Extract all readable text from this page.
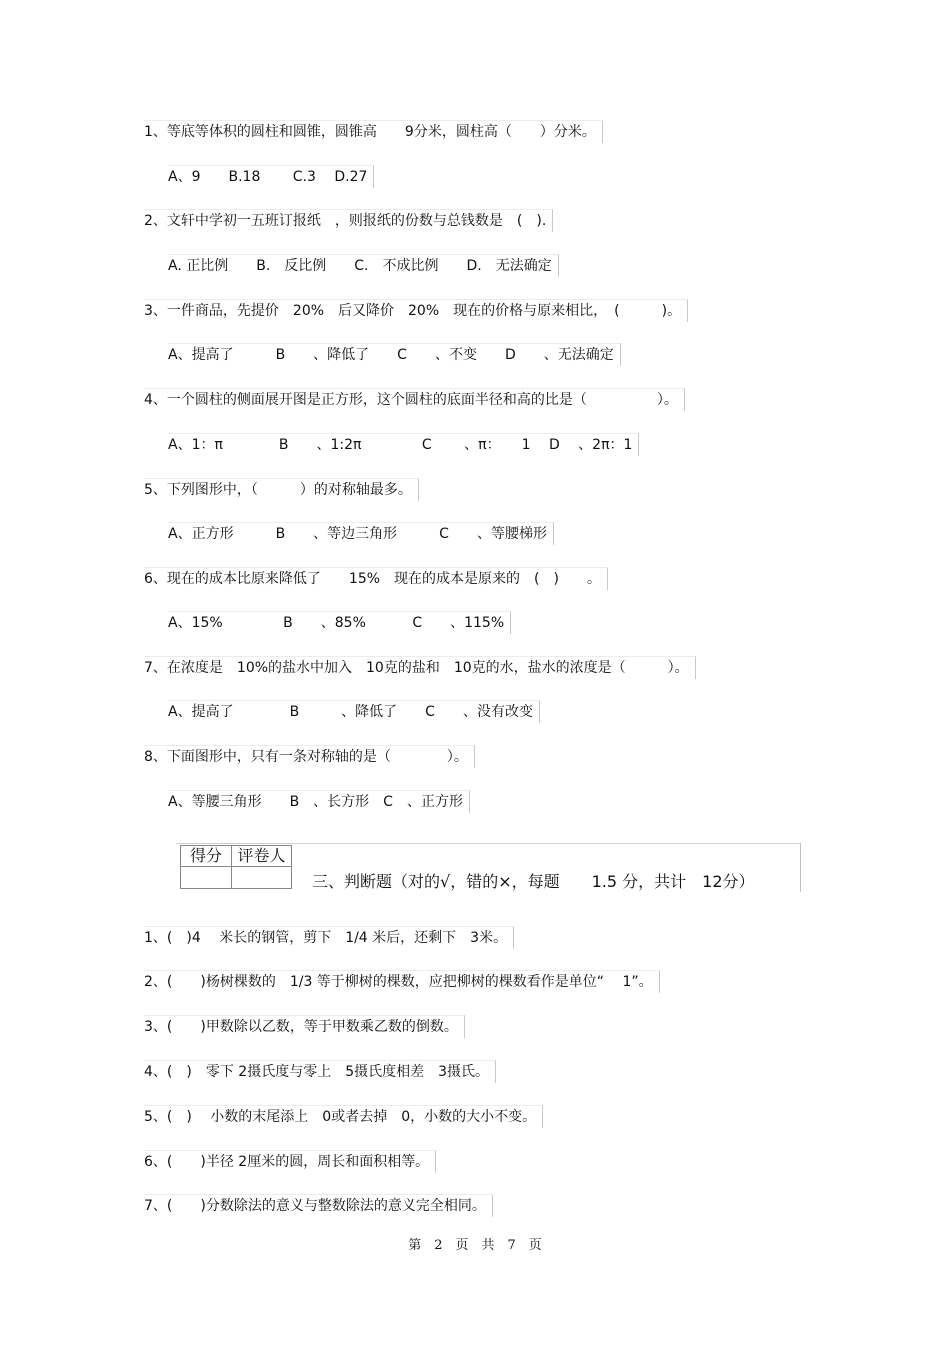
1、等底等体积的圆柱和圆锥，圆锥高　　9分米，圆柱高（　　）分米。
A、9　　B.18　　 C.3　 D.27
2、文轩中学初一五班订报纸　，则报纸的份数与总钱数是　(　).
A. 正比例　　B.　反比例　　C.　不成比例　　D.　无法确定
3、一件商品，先提价　20%　后又降价　20%　现在的价格与原来相比，　(　　　)。
A、提高了　　　B　　、降低了　　C　　、不变　　D　　、无法确定
4、一个圆柱的侧面展开图是正方形，这个圆柱的底面半径和高的比是（　　　　　）。
A、1：π　　　　B　　、1:2π　　　　 C　　 、π：　　1　 D　 、2π：1
5、下列图形中，（　　　）的对称轴最多。
A、正方形　　　B　　、等边三角形　　　C　　、等腰梯形
6、现在的成本比原来降低了　　15%　现在的成本是原来的　(　)　　。
A、15%　　　　 B　　、85%　　　 C　　、115%
7、在浓度是　10%的盐水中加入　10克的盐和　10克的水，盐水的浓度是（　　　）。
A、提高了　　　　B　　　、降低了　　C　　、没有改变
8、下面图形中，只有一条对称轴的是（　　　　）。
A、等腰三角形　　B　、长方形　C　、正方形
得分 评卷人
三、判断题（对的√，错的×，每题　　1.5 分，共计　12分）
1、(　)4　 米长的钢管，剪下　1/4 米后，还剩下　3米。
2、(　　)杨树棵数的　1/3 等于柳树的棵数，应把柳树的棵数看作是单位“　 1”。
3、(　　)甲数除以乙数，等于甲数乘乙数的倒数。
4、(　)　零下 2摄氏度与零上　5摄氏度相差　3摄氏。
5、(　)　 小数的末尾添上　0或者去掉　0，小数的大小不变。
6、(　　)半径 2厘米的圆，周长和面积相等。
7、(　　)分数除法的意义与整数除法的意义完全相同。
第　2　页　共　7　页
